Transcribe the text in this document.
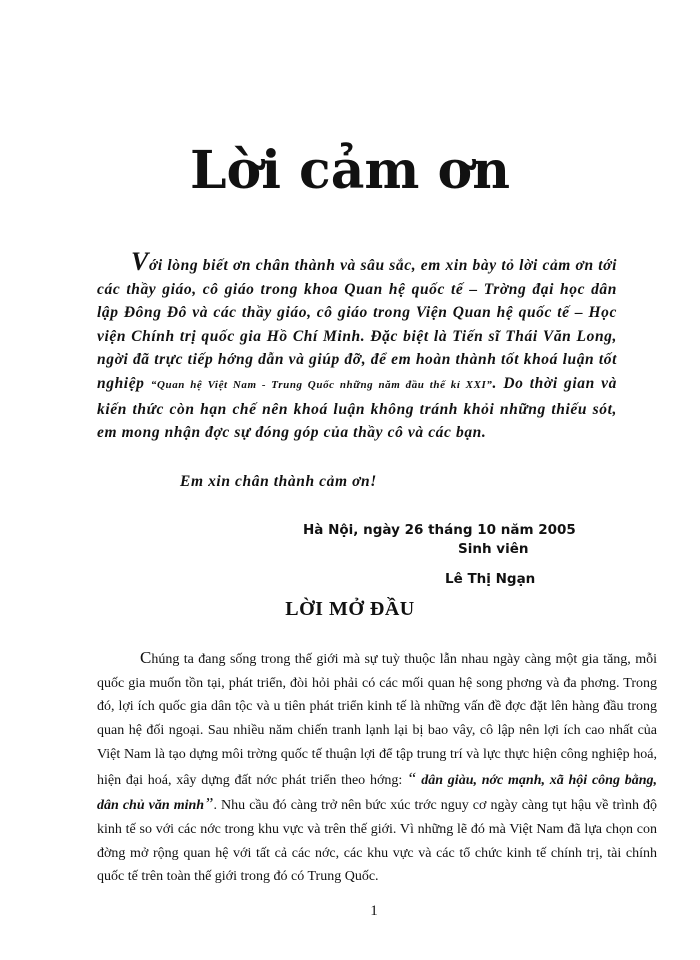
Lời cảm ơn
Với lòng biết ơn chân thành và sâu sắc, em xin bày tỏ lời cảm ơn tới các thầy giáo, cô giáo trong khoa Quan hệ quốc tế – Trờng đại học dân lập Đông Đô và các thầy giáo, cô giáo trong Viện Quan hệ quốc tế – Học viện Chính trị quốc gia Hồ Chí Minh. Đặc biệt là Tiến sĩ Thái Văn Long, ngời đã trực tiếp hớng dẫn và giúp đỡ, để em hoàn thành tốt khoá luận tốt nghiệp “Quan hệ Việt Nam - Trung Quốc những năm đầu thế kỉ XXI”. Do thời gian và kiến thức còn hạn chế nên khoá luận không tránh khỏi những thiếu sót, em mong nhận đợc sự đóng góp của thầy cô và các bạn.
Em xin chân thành cảm ơn!
Hà Nội, ngày 26 tháng 10 năm 2005
Sinh viên
Lê Thị Ngạn
LỜI MỞ ĐẦU

Chúng ta đang sống trong thế giới mà sự tuỳ thuộc lẫn nhau ngày càng một gia tăng, mỗi quốc gia muốn tồn tại, phát triển, đòi hỏi phải có các mối quan hệ song phơng và đa phơng. Trong đó, lợi ích quốc gia dân tộc và u tiên phát triển kinh tế là những vấn đề đợc đặt lên hàng đầu trong quan hệ đối ngoại. Sau nhiều năm chiến tranh lạnh lại bị bao vây, cô lập nên lợi ích cao nhất của Việt Nam là tạo dựng môi trờng quốc tế thuận lợi để tập trung trí và lực thực hiện công nghiệp hoá, hiện đại hoá, xây dựng đất nớc phát triển theo hớng: “ dân giàu, nớc mạnh, xã hội công bằng, dân chủ văn minh”. Nhu cầu đó càng trở nên bức xúc trớc nguy cơ ngày càng tụt hậu về trình độ kinh tế so với các nớc trong khu vực và trên thế giới. Vì những lẽ đó mà Việt Nam đã lựa chọn con đờng mở rộng quan hệ với tất cả các nớc, các khu vực và các tổ chức kinh tế chính trị, tài chính quốc tế trên toàn thế giới trong đó có Trung Quốc.

1
